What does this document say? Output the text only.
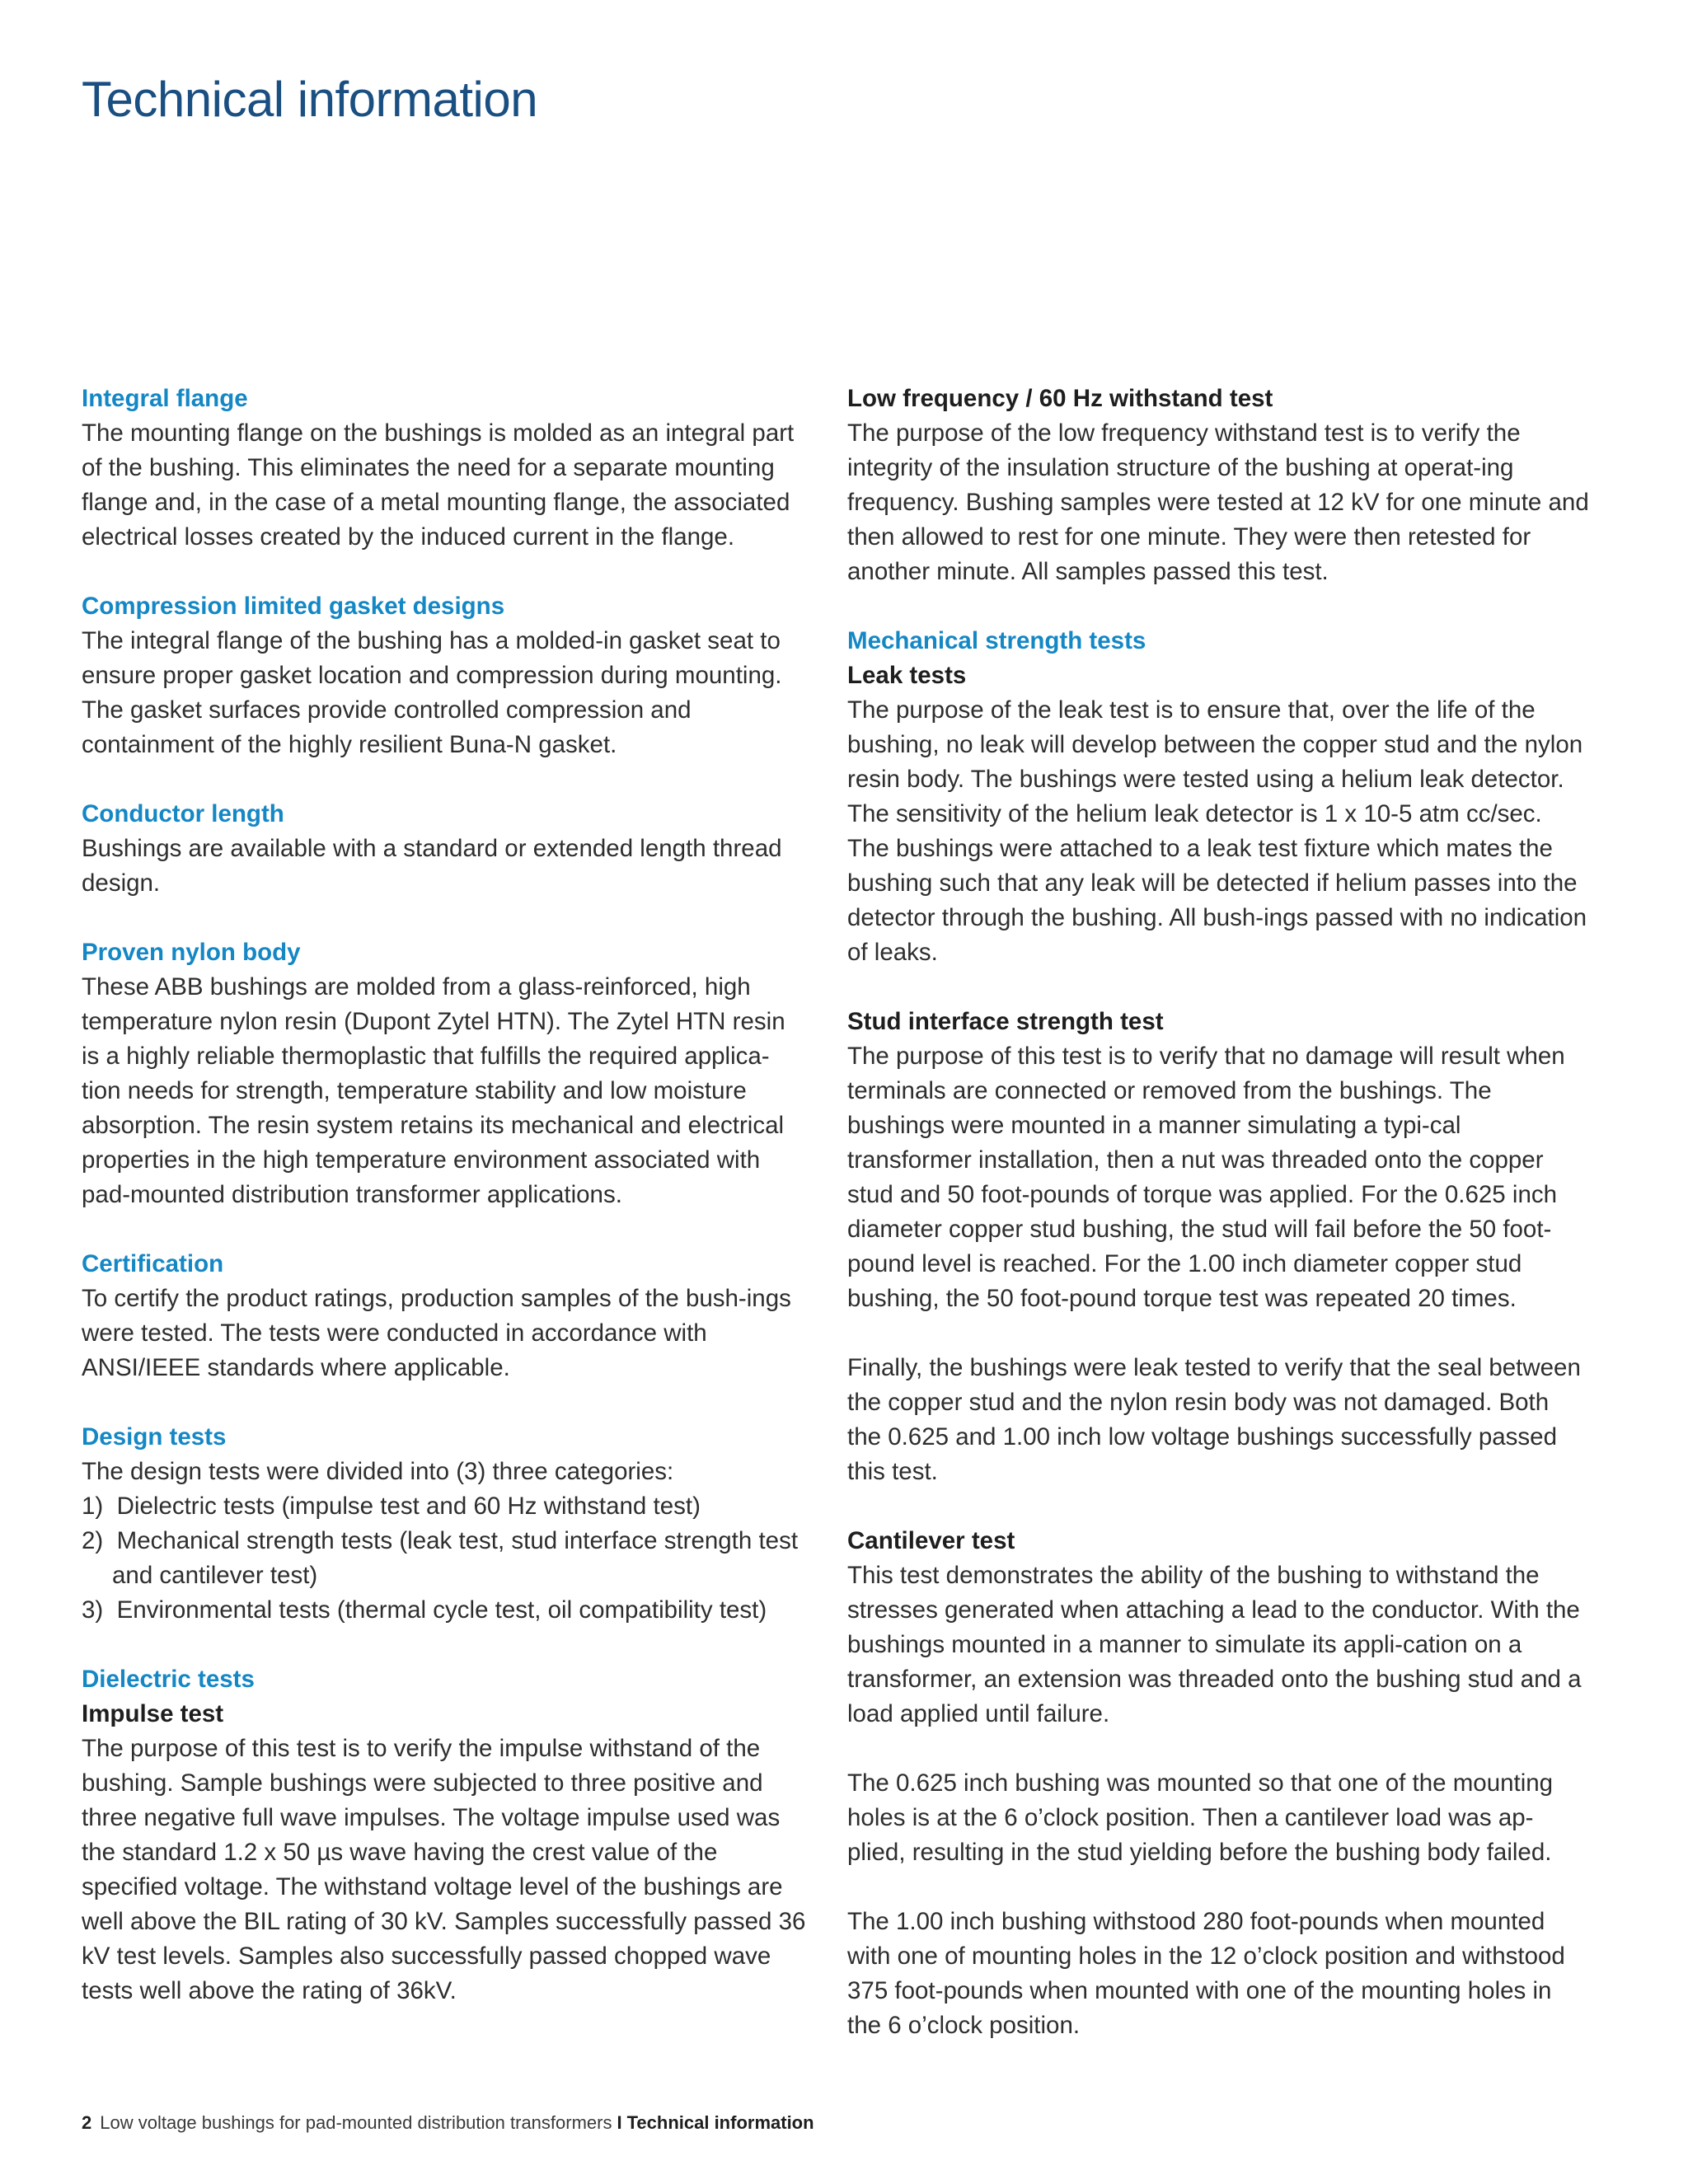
Technical information
Integral flange

The mounting flange on the bushings is molded as an integral part of the bushing. This eliminates the need for a separate mounting flange and, in the case of a metal mounting flange, the associated electrical losses created by the induced current in the flange.

Compression limited gasket designs

The integral flange of the bushing has a molded-in gasket seat to ensure proper gasket location and compression during mounting. The gasket surfaces provide controlled compression and containment of the highly resilient Buna-N gasket.

Conductor length

Bushings are available with a standard or extended length thread design.

Proven nylon body

These ABB bushings are molded from a glass-reinforced, high temperature nylon resin (Dupont Zytel HTN). The Zytel HTN resin is a highly reliable thermoplastic that fulfills the required applica-tion needs for strength, temperature stability and low moisture absorption. The resin system retains its mechanical and electrical properties in the high temperature environment associated with pad-mounted distribution transformer applications.

Certification

To certify the product ratings, production samples of the bush-ings were tested. The tests were conducted in accordance with ANSI/IEEE standards where applicable.

Design tests

The design tests were divided into (3) three categories:

1)  Dielectric tests (impulse test and 60 Hz withstand test)
2)  Mechanical strength tests (leak test, stud interface strength test and cantilever test)
3)  Environmental tests (thermal cycle test, oil compatibility test)
Dielectric tests
Impulse test

The purpose of this test is to verify the impulse withstand of the bushing. Sample bushings were subjected to three positive and three negative full wave impulses. The voltage impulse used was the standard 1.2 x 50 µs wave having the crest value of the specified voltage. The withstand voltage level of the bushings are well above the BIL rating of 30 kV. Samples successfully passed 36 kV test levels. Samples also successfully passed chopped wave tests well above the rating of 36kV.

Low frequency / 60 Hz withstand test

The purpose of the low frequency withstand test is to verify the integrity of the insulation structure of the bushing at operat-ing frequency. Bushing samples were tested at 12 kV for one minute and then allowed to rest for one minute. They were then retested for another minute. All samples passed this test.

Mechanical strength tests
Leak tests

The purpose of the leak test is to ensure that, over the life of the bushing, no leak will develop between the copper stud and the nylon resin body. The bushings were tested using a helium leak detector. The sensitivity of the helium leak detector is 1 x 10-5 atm cc/sec. The bushings were attached to a leak test fixture which mates the bushing such that any leak will be detected if helium passes into the detector through the bushing. All bush-ings passed with no indication of leaks.

Stud interface strength test

The purpose of this test is to verify that no damage will result when terminals are connected or removed from the bushings. The bushings were mounted in a manner simulating a typi-cal transformer installation, then a nut was threaded onto the copper stud and 50 foot-pounds of torque was applied. For the 0.625 inch diameter copper stud bushing, the stud will fail before the 50 foot-pound level is reached. For the 1.00 inch diameter copper stud bushing, the 50 foot-pound torque test was repeated 20 times.

Finally, the bushings were leak tested to verify that the seal between the copper stud and the nylon resin body was not damaged. Both the 0.625 and 1.00 inch low voltage bushings successfully passed this test.

Cantilever test

This test demonstrates the ability of the bushing to withstand the stresses generated when attaching a lead to the conductor. With the bushings mounted in a manner to simulate its appli-cation on a transformer, an extension was threaded onto the bushing stud and a load applied until failure.

The 0.625 inch bushing was mounted so that one of the mounting holes is at the 6 o’clock position. Then a cantilever load was ap-plied, resulting in the stud yielding before the bushing body failed.

The 1.00 inch bushing withstood 280 foot-pounds when mounted with one of mounting holes in the 12 o’clock position and withstood 375 foot-pounds when mounted with one of the mounting holes in the 6 o’clock position.

2 Low voltage bushings for pad-mounted distribution transformers I Technical information
